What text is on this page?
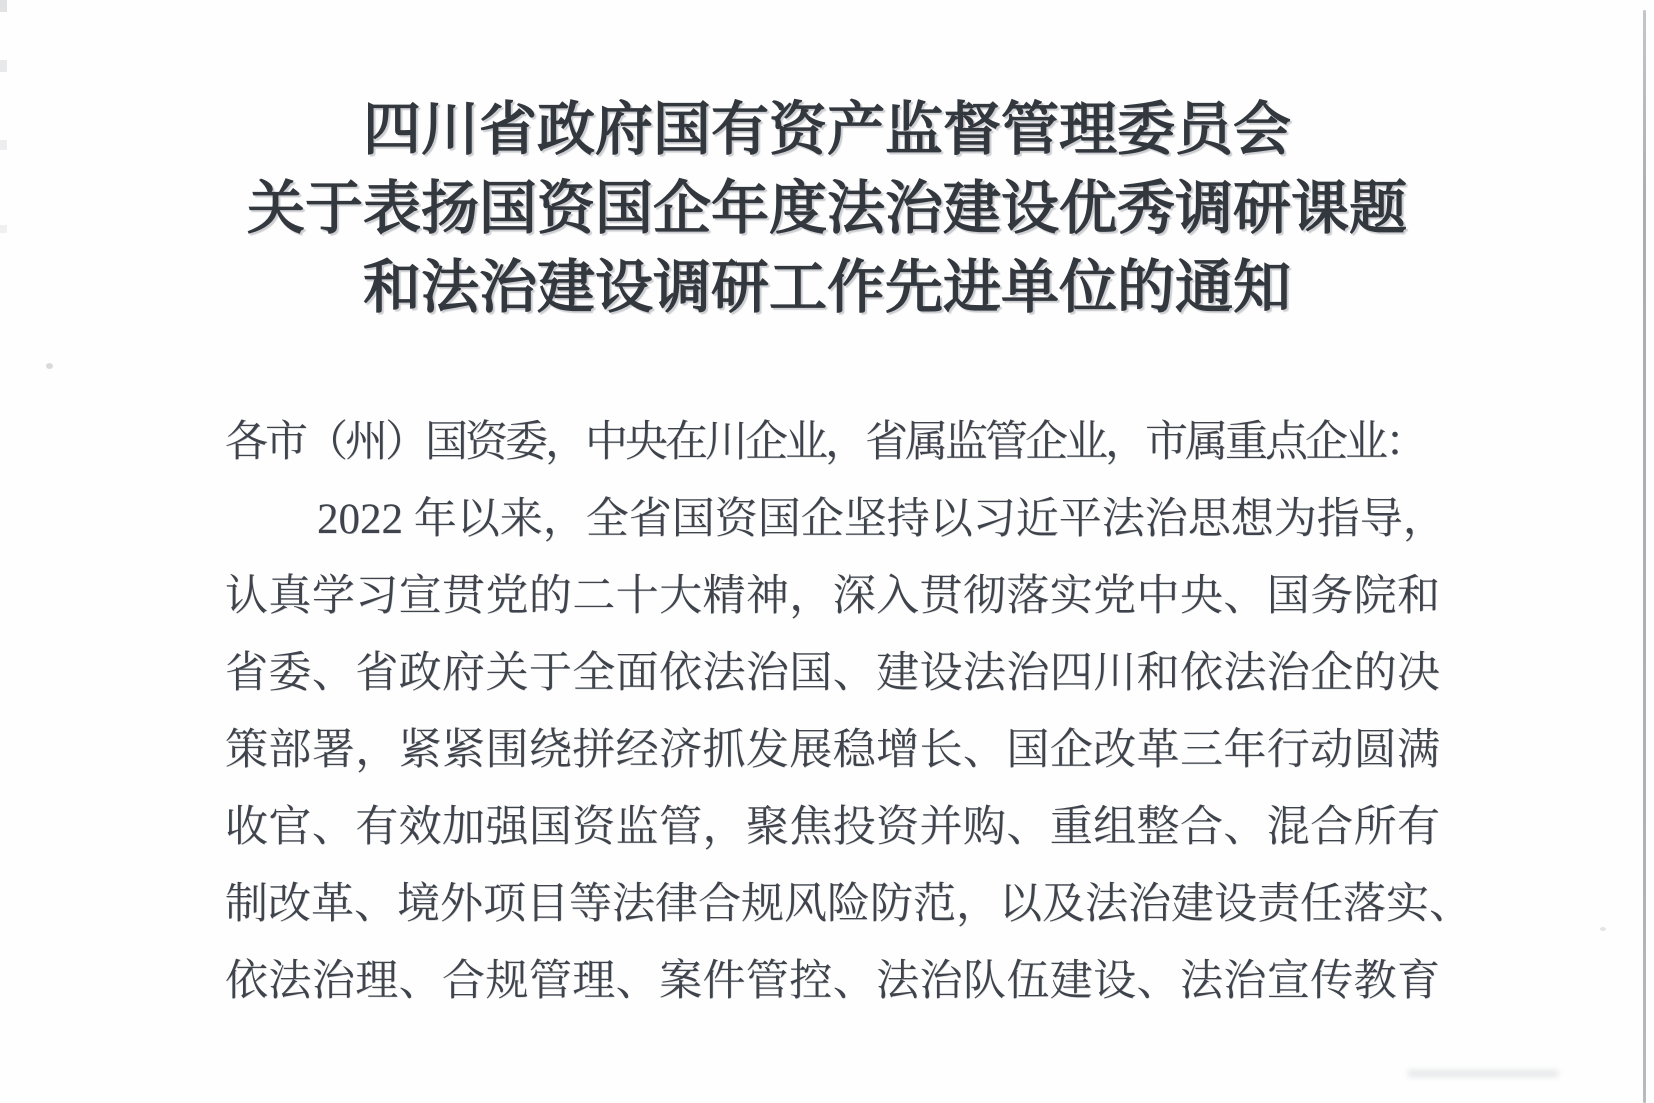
四川省政府国有资产监督管理委员会
关于表扬国资国企年度法治建设优秀调研课题
和法治建设调研工作先进单位的通知
各市（州）国资委，中央在川企业，省属监管企业，市属重点企业：
2022 年以来，全省国资国企坚持以习近平法治思想为指导，
认真学习宣贯党的二十大精神，深入贯彻落实党中央、国务院和
省委、省政府关于全面依法治国、建设法治四川和依法治企的决
策部署，紧紧围绕拼经济抓发展稳增长、国企改革三年行动圆满
收官、有效加强国资监管，聚焦投资并购、重组整合、混合所有
制改革、境外项目等法律合规风险防范，以及法治建设责任落实、
依法治理、合规管理、案件管控、法治队伍建设、法治宣传教育
